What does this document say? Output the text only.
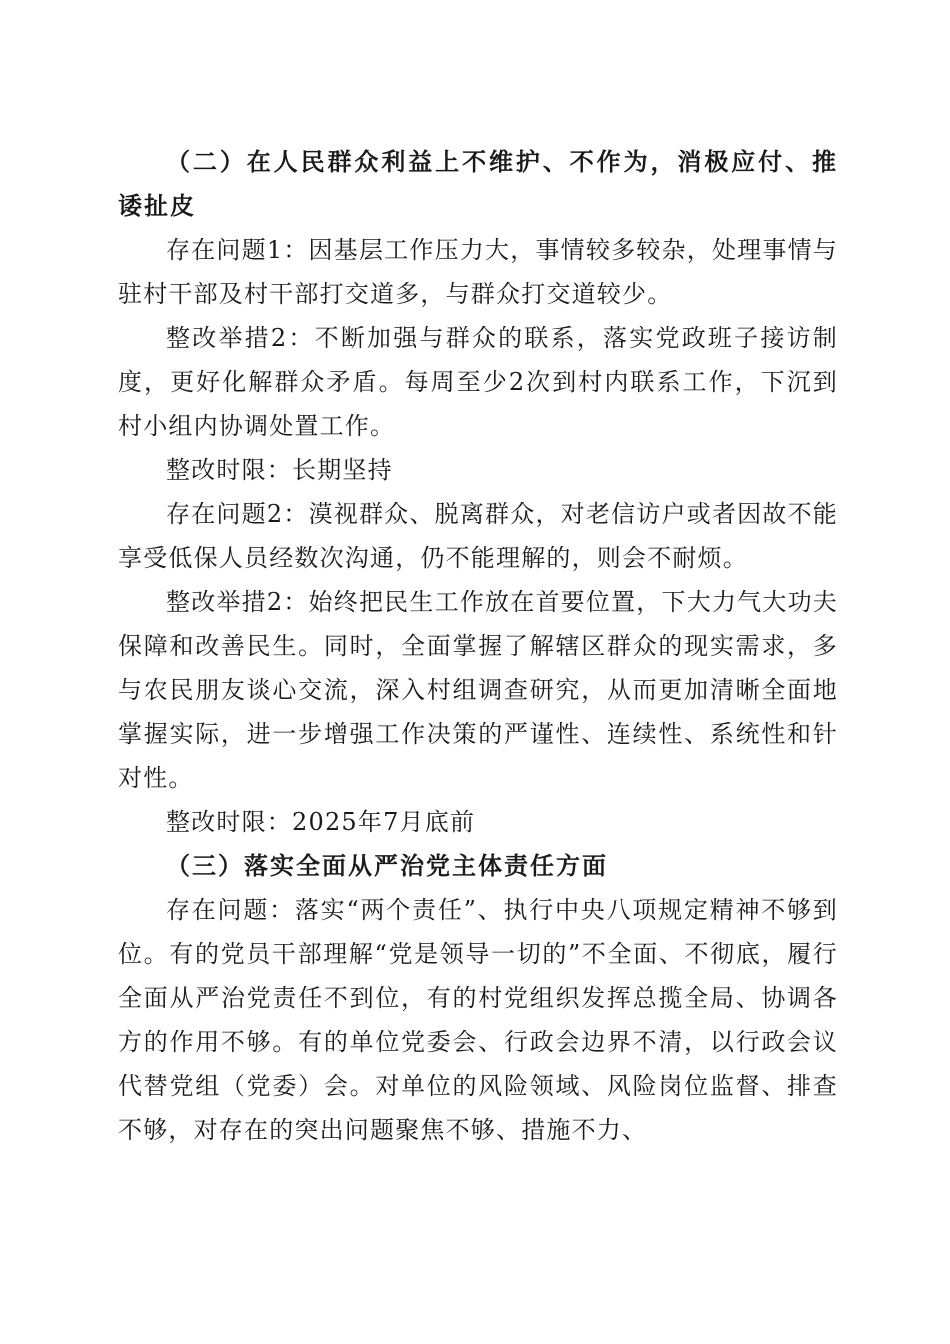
（二）在人民群众利益上不维护、不作为，消极应付、推诿扯皮

存在问题1：因基层工作压力大，事情较多较杂，处理事情与驻村干部及村干部打交道多，与群众打交道较少。

整改举措2：不断加强与群众的联系，落实党政班子接访制度，更好化解群众矛盾。每周至少2次到村内联系工作，下沉到村小组内协调处置工作。

整改时限：长期坚持

存在问题2：漠视群众、脱离群众，对老信访户或者因故不能享受低保人员经数次沟通，仍不能理解的，则会不耐烦。

整改举措2：始终把民生工作放在首要位置，下大力气大功夫保障和改善民生。同时，全面掌握了解辖区群众的现实需求，多与农民朋友谈心交流，深入村组调查研究，从而更加清晰全面地掌握实际，进一步增强工作决策的严谨性、连续性、系统性和针对性。

整改时限：2025年7月底前

（三）落实全面从严治党主体责任方面

存在问题：落实“两个责任”、执行中央八项规定精神不够到位。有的党员干部理解“党是领导一切的”不全面、不彻底，履行全面从严治党责任不到位，有的村党组织发挥总揽全局、协调各方的作用不够。有的单位党委会、行政会边界不清，以行政会议代替党组（党委）会。对单位的风险领域、风险岗位监督、排查不够，对存在的突出问题聚焦不够、措施不力、
